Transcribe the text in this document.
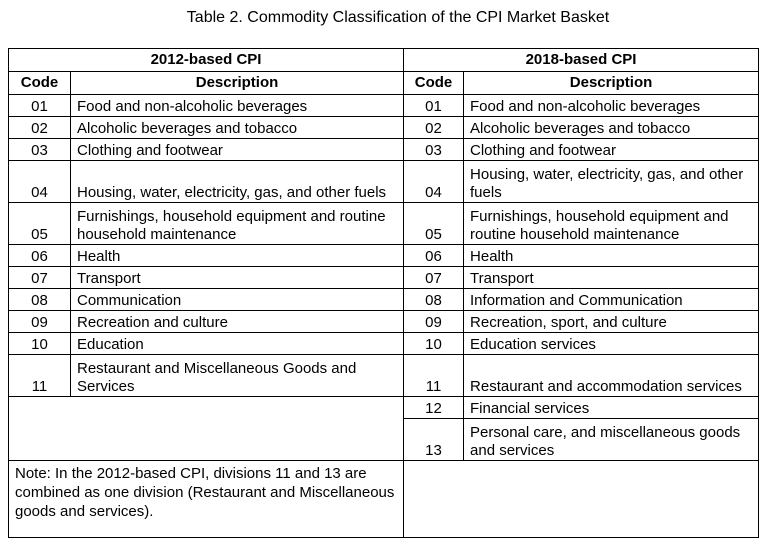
Table 2. Commodity Classification of the CPI Market Basket
2012-based CPI		2018-based CPI	
Code	Description	Code	Description
01	Food and non-alcoholic beverages	01	Food and non-alcoholic beverages
02	Alcoholic beverages and tobacco	02	Alcoholic beverages and tobacco
03	Clothing and footwear	03	Clothing and footwear
04	Housing, water, electricity, gas, and other fuels	04	Housing, water, electricity, gas, and other fuels
05	Furnishings, household equipment and routine household maintenance	05	Furnishings, household equipment and routine household maintenance
06	Health	06	Health
07	Transport	07	Transport
08	Communication	08	Information and Communication
09	Recreation and culture	09	Recreation, sport, and culture
10	Education	10	Education services
11	Restaurant and Miscellaneous Goods and Services	11	Restaurant and accommodation services
		12	Financial services
		13	Personal care, and miscellaneous goods and services
Note: In the 2012-based CPI, divisions 11 and 13 are combined as one division (Restaurant and Miscellaneous goods and services).			
